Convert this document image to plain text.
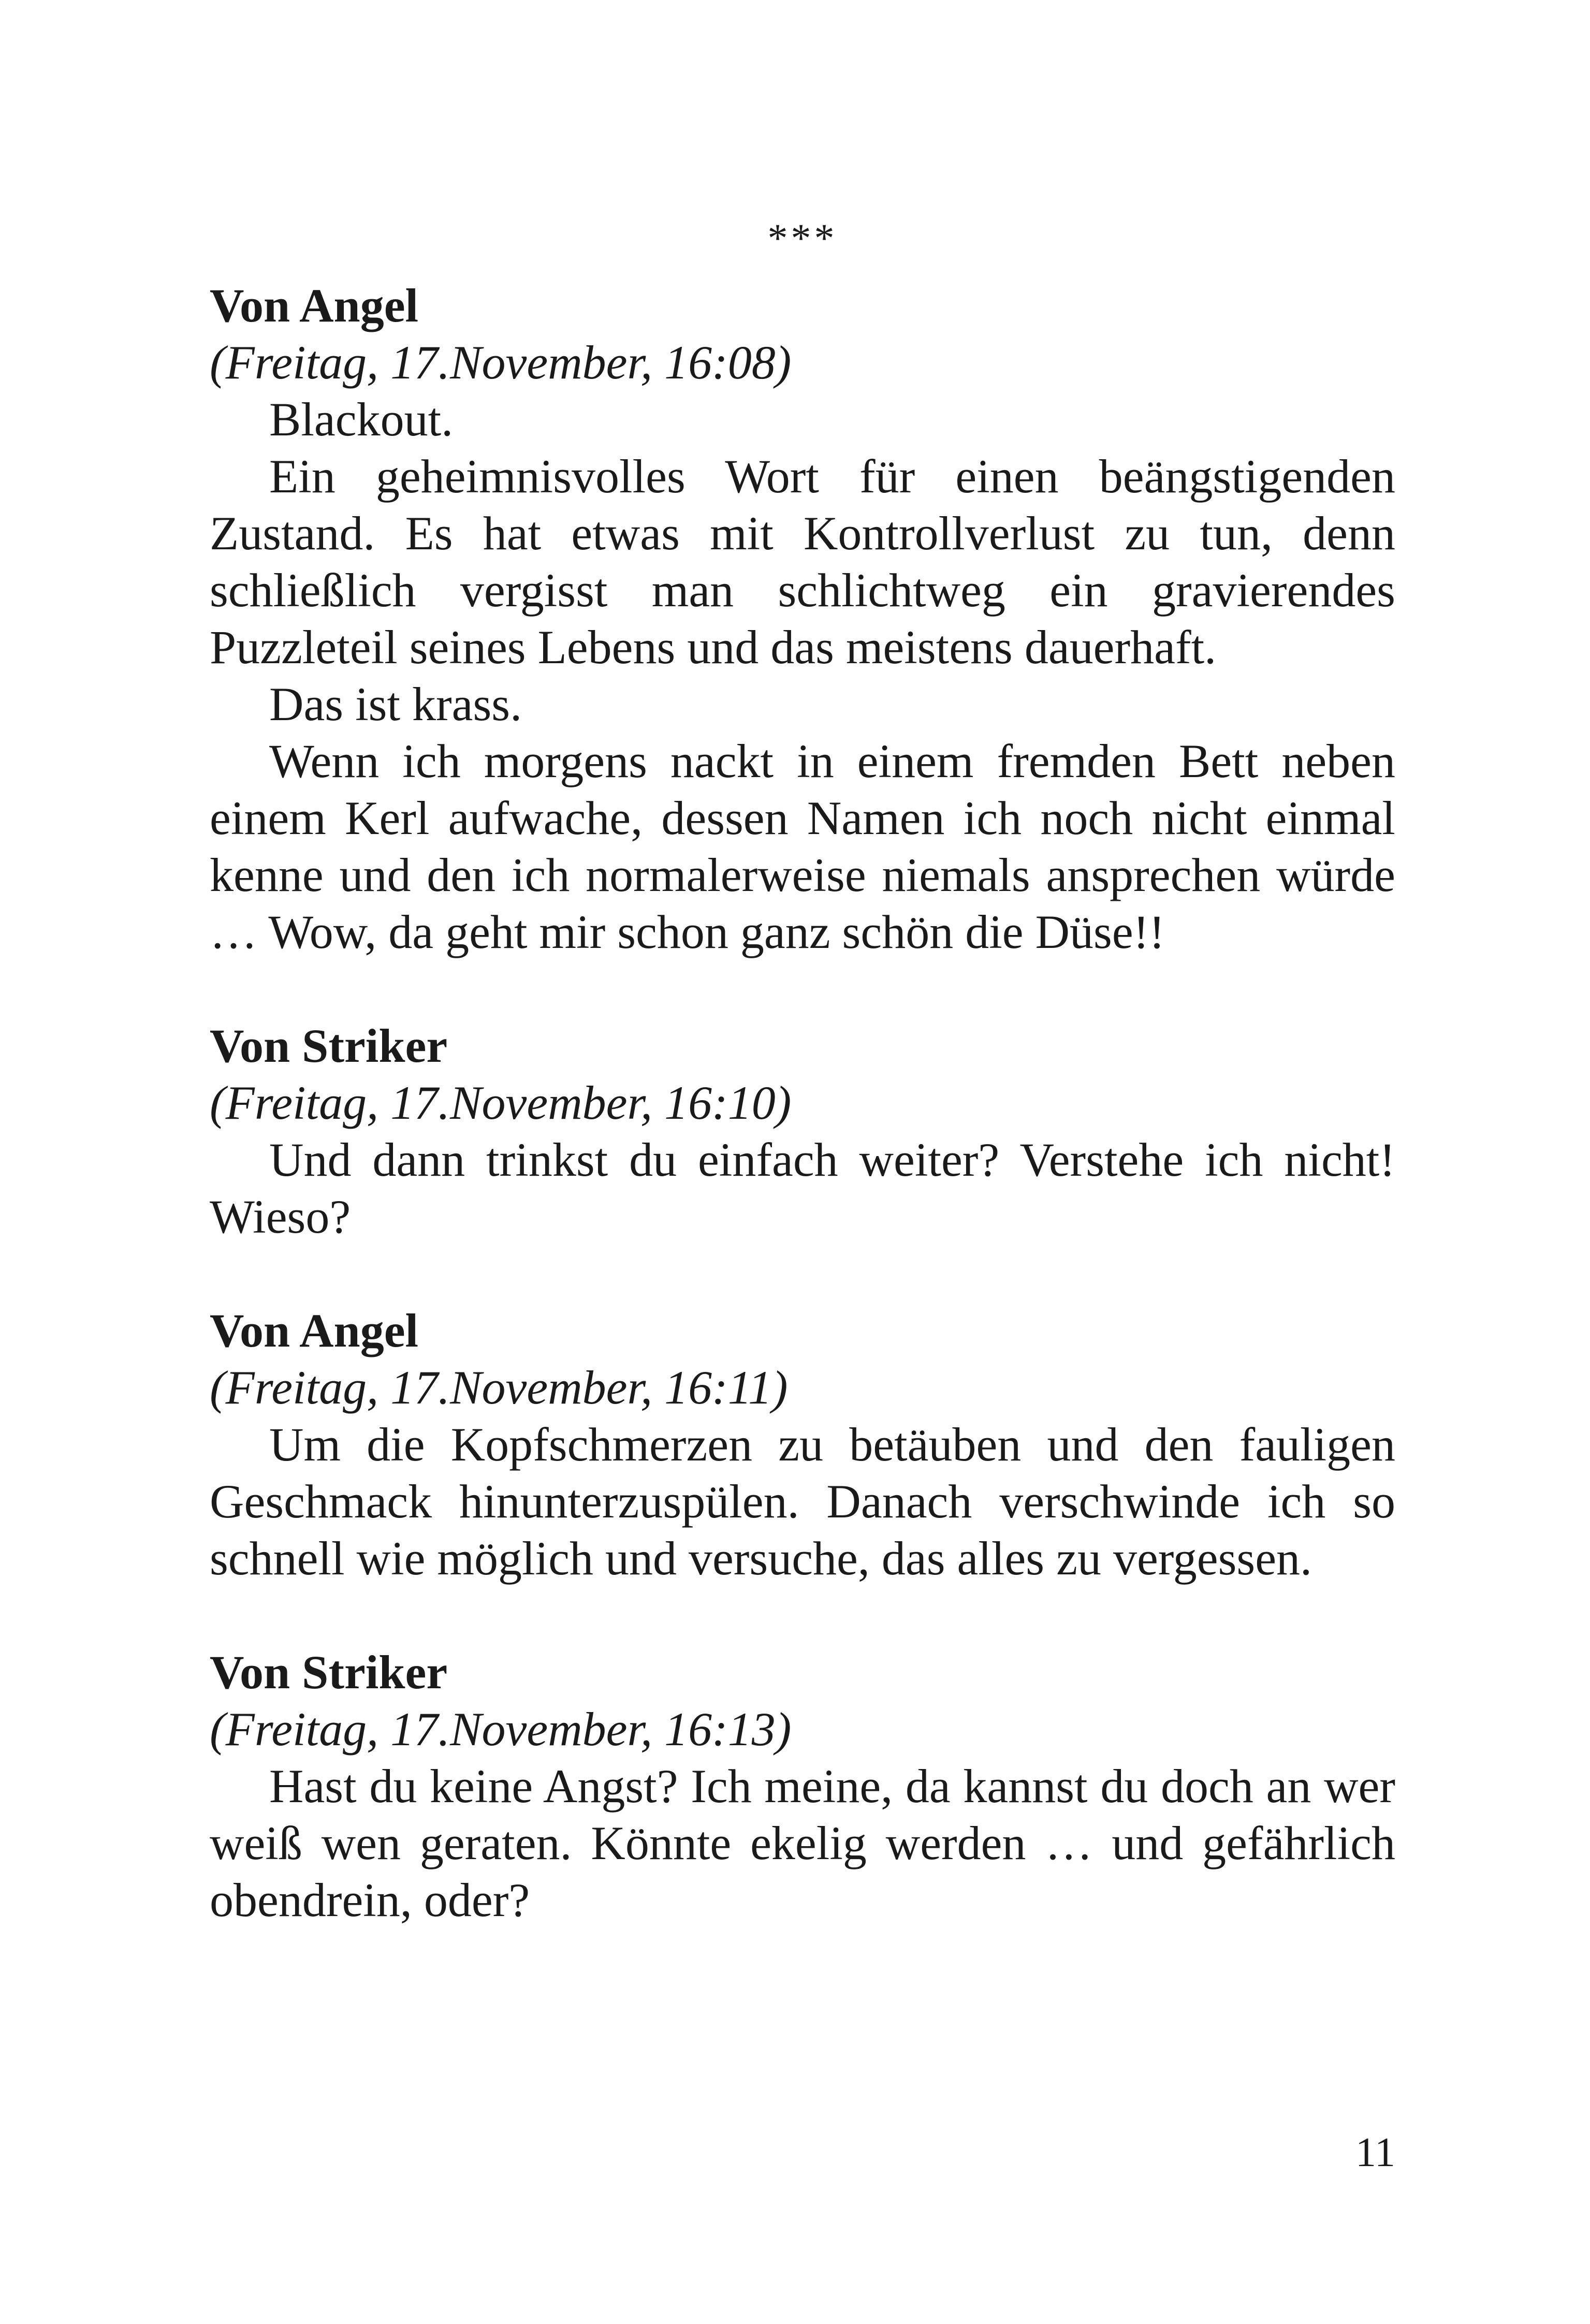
***

Von Angel

(Freitag, 17.November, 16:08)

Blackout.

Ein geheimnisvolles Wort für einen beängstigenden Zustand. Es hat etwas mit Kontrollverlust zu tun, denn schließlich vergisst man schlichtweg ein gravierendes Puzzleteil seines Lebens und das meistens dauerhaft.

Das ist krass.

Wenn ich morgens nackt in einem fremden Bett neben einem Kerl aufwache, dessen Namen ich noch nicht einmal kenne und den ich normalerweise niemals ansprechen würde … Wow, da geht mir schon ganz schön die Düse!!

Von Striker

(Freitag, 17.November, 16:10)

Und dann trinkst du einfach weiter? Verstehe ich nicht! Wieso?

Von Angel

(Freitag, 17.November, 16:11)

Um die Kopfschmerzen zu betäuben und den fauligen Geschmack hinunterzuspülen. Danach verschwinde ich so schnell wie möglich und versuche, das alles zu vergessen.

Von Striker

(Freitag, 17.November, 16:13)

Hast du keine Angst? Ich meine, da kannst du doch an wer weiß wen geraten. Könnte ekelig werden … und gefährlich obendrein, oder?

11
